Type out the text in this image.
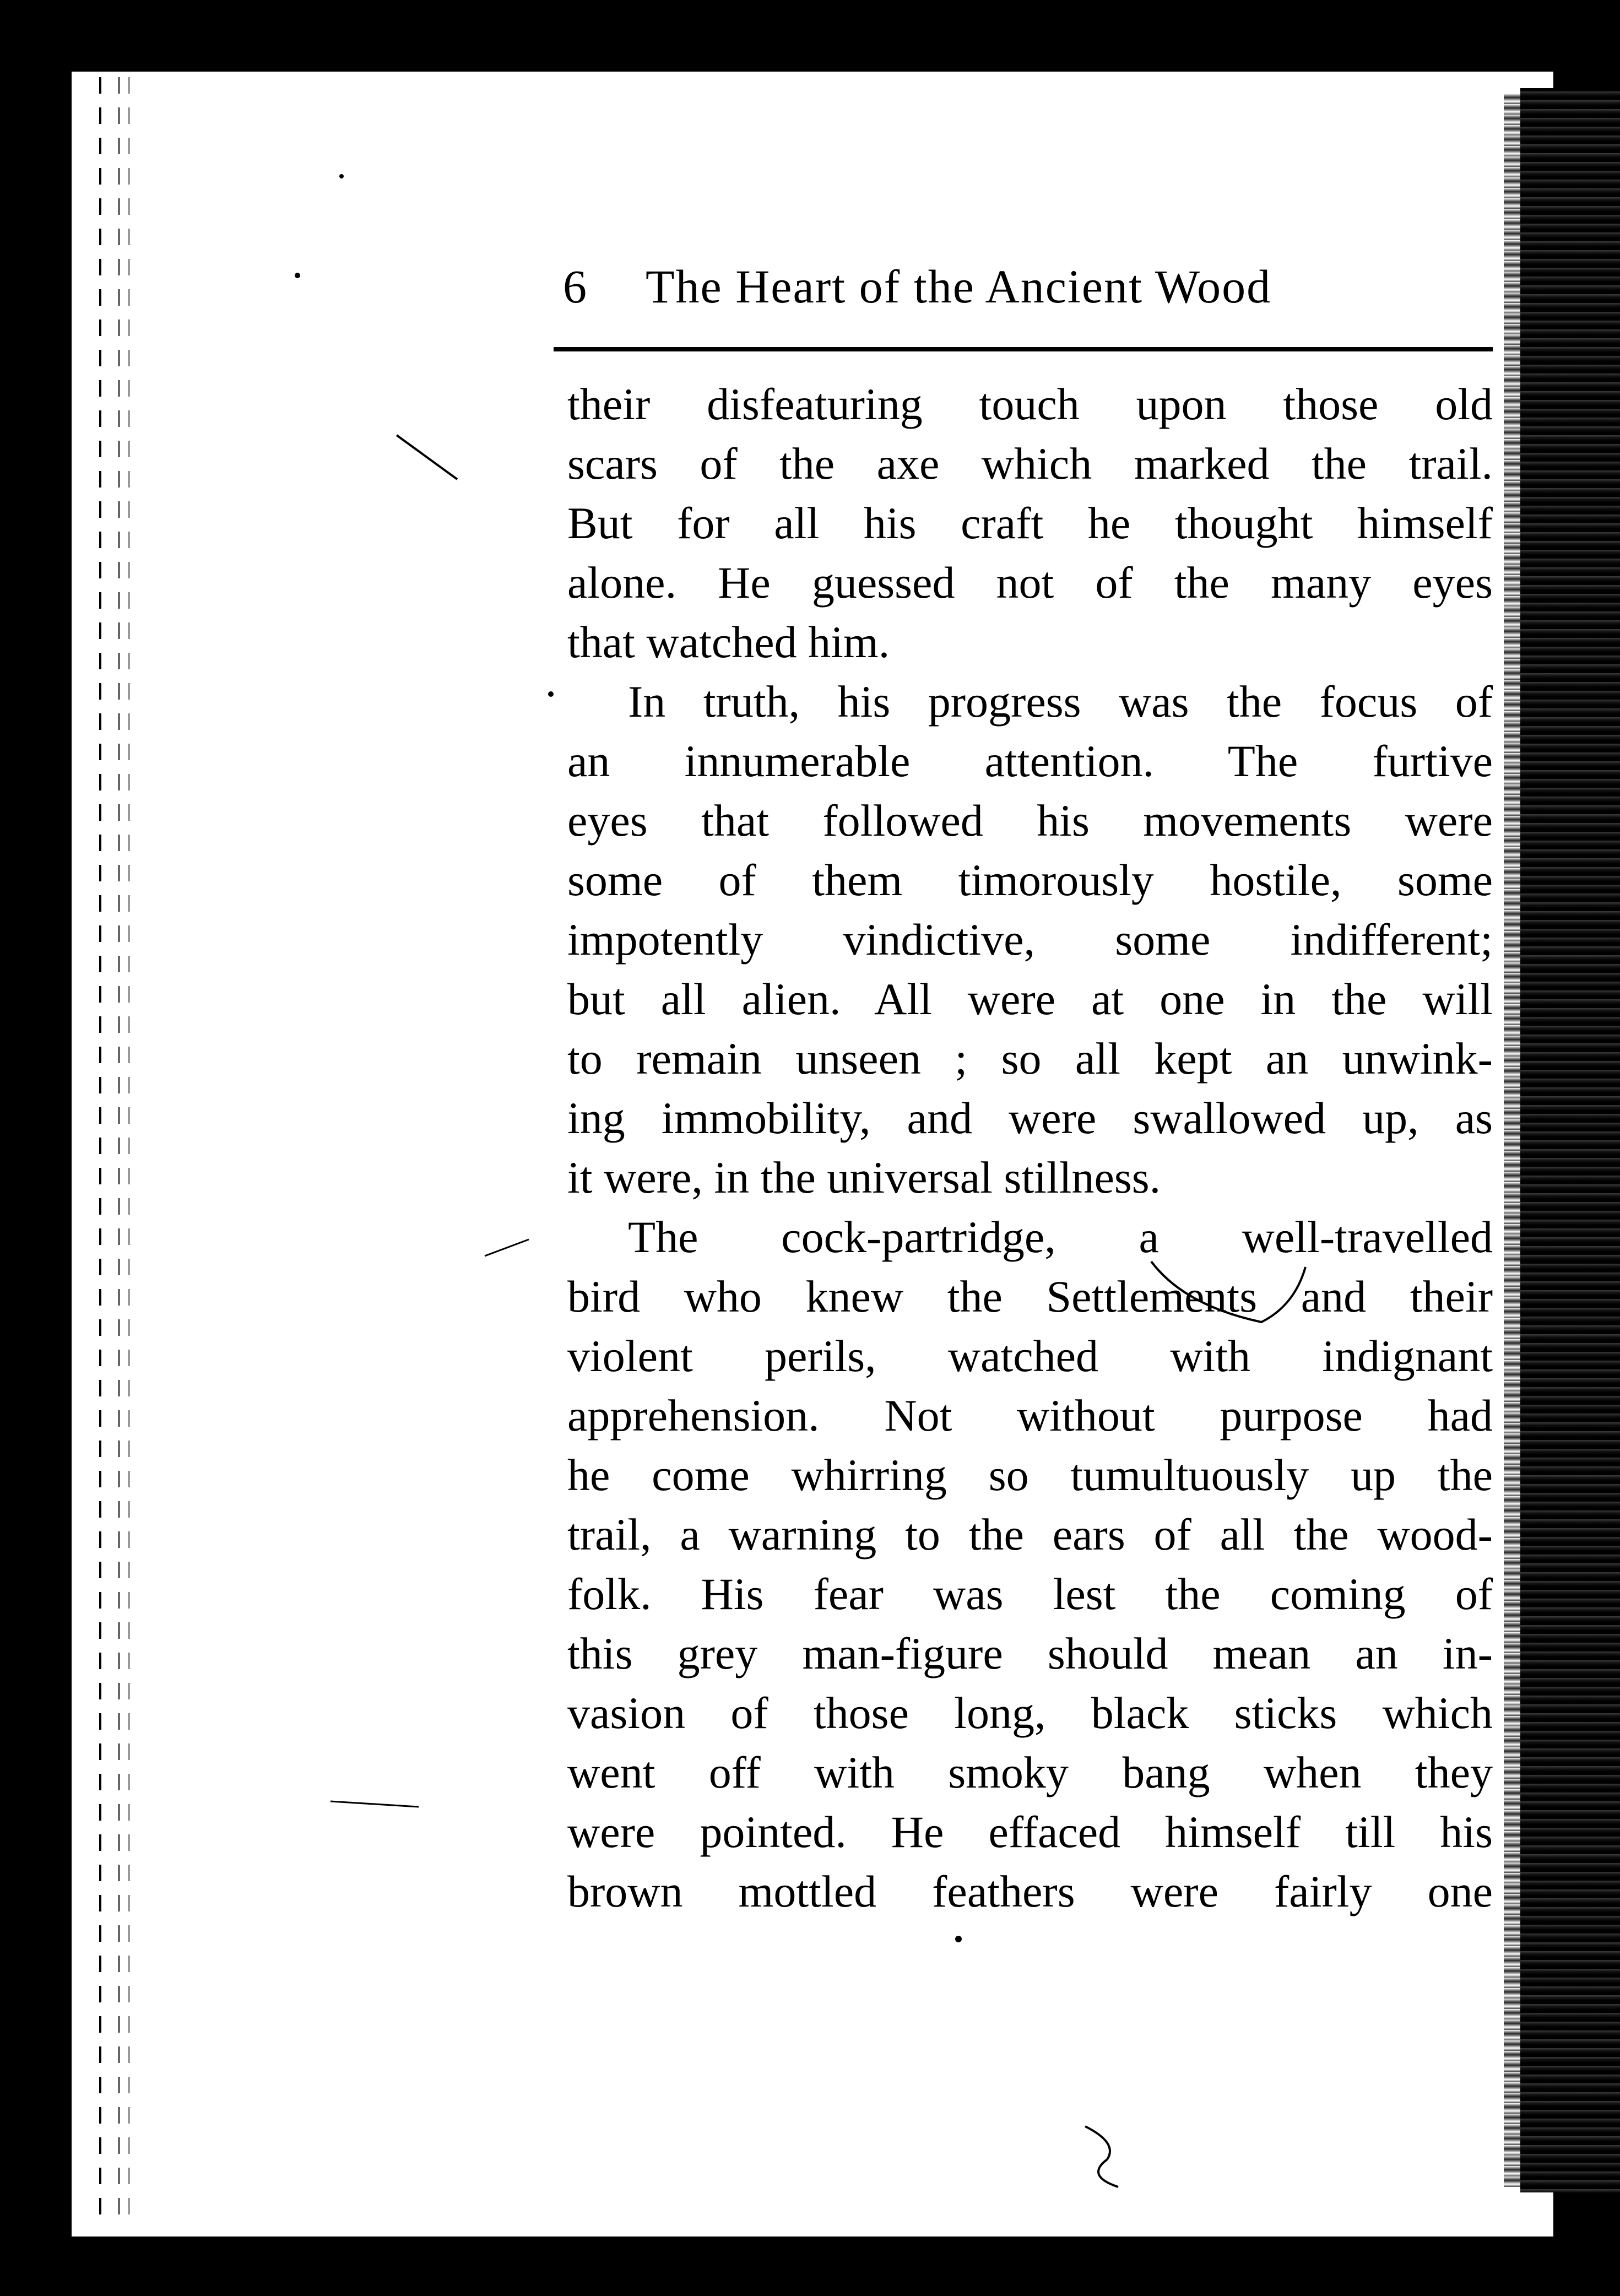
6 The Heart of the Ancient Wood
their disfeaturing touch upon those old
scars of the axe which marked the trail.
But for all his craft he thought himself
alone. He guessed not of the many eyes
that watched him.
In truth, his progress was the focus of
an innumerable attention. The furtive
eyes that followed his movements were
some of them timorously hostile, some
impotently vindictive, some indifferent;
but all alien. All were at one in the will
to remain unseen ; so all kept an unwink-
ing immobility, and were swallowed up, as
it were, in the universal stillness.
The cock-partridge, a well-travelled
bird who knew the Settlements and their
violent perils, watched with indignant
apprehension. Not without purpose had
he come whirring so tumultuously up the
trail, a warning to the ears of all the wood-
folk. His fear was lest the coming of
this grey man-figure should mean an in-
vasion of those long, black sticks which
went off with smoky bang when they
were pointed. He effaced himself till his
brown mottled feathers were fairly one
